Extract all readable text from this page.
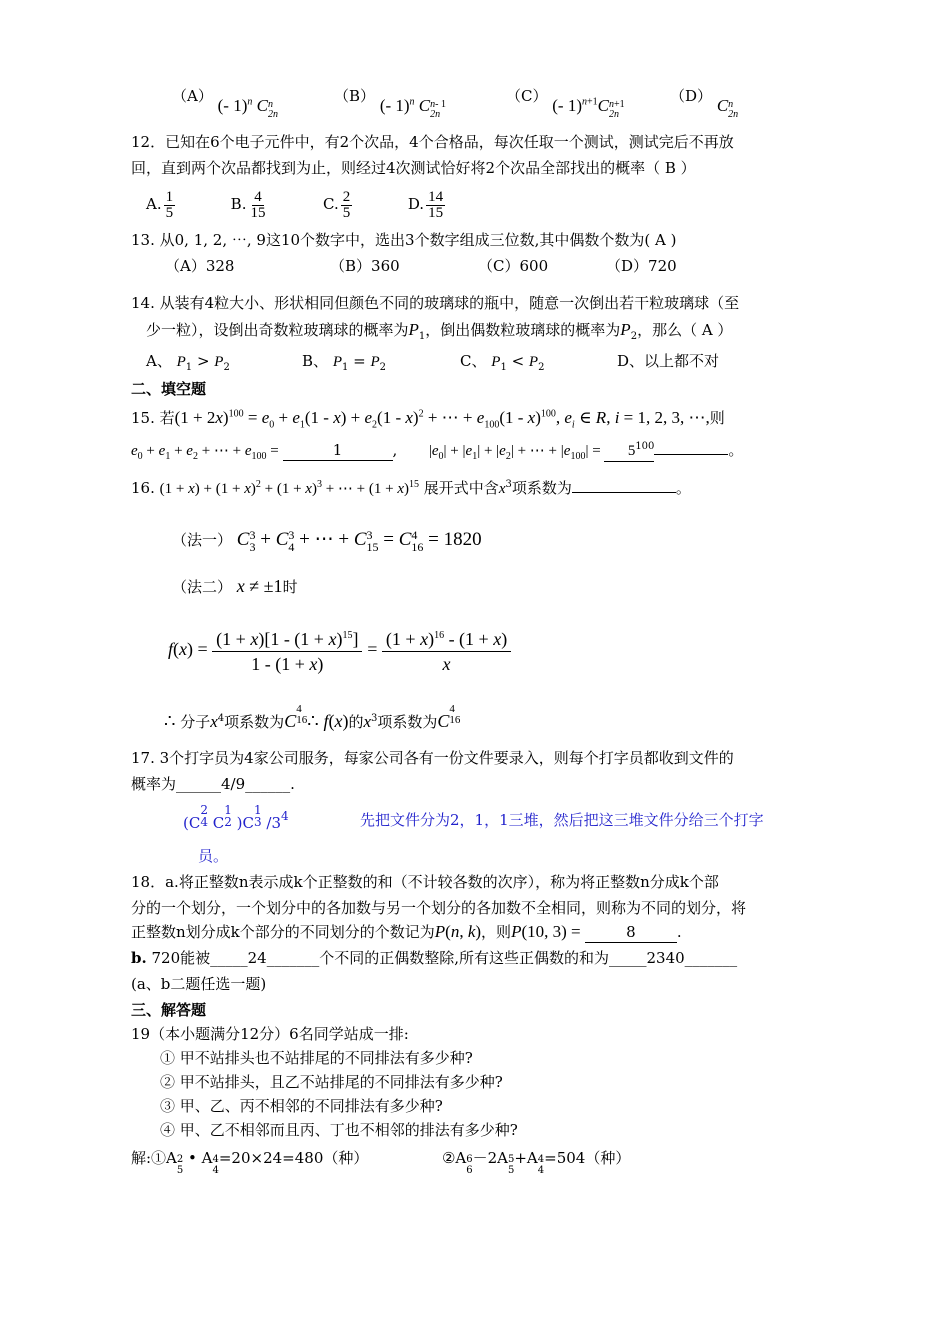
（A） (- 1)$^n$ Cn
2n
（B） (- 1)$^n$ Cn- 1
2n
（C） (- 1)$^{n+1}$Cn+1
2n
（D） Cn
2n
12．已知在6个电子元件中，有2个次品，4个合格品，每次任取一个测试，测试完后不再放
回，直到两个次品都找到为止，则经过4次测试恰好将2个次品全部找出的概率（ B ）
A. $\frac{1}{5}$	B. $\frac{4}{15}$	C. $\frac{2}{5}$	D. $\frac{14}{15}$
13. 从0, 1, 2, ⋯, 9这10个数字中，选出3个数字组成三位数,其中偶数个数为( A )
（A）328	（B）360	（C）600	（D）720
14. 从装有4粒大小、形状相同但颜色不同的玻璃球的瓶中，随意一次倒出若干粒玻璃球（至
少一粒），设倒出奇数粒玻璃球的概率为$P_1$，倒出偶数粒玻璃球的概率为$P_2$，那么（ A ）
A、 $P_1 > P_2$	B、 $P_1 = P_2$	C、 $P_1 < P_2$	D、以上都不对
二、填空题
15. 若$(1 + 2x)^{100} = e_0 + e_1(1 - x) + e_2(1 - x)^2$ + ⋯ + $e_{100}(1 - x)^{100}$, $e_i$ ∈ R, i = 1, 2, 3, ⋯,则
$e_0 + e_1 + e_2$ + ⋯ + $e_{100}$ =	1	, $|e_0| + |e_1| + |e_2|$ + ⋯ + $|e_{100}| = 5^{100}$	。
16. $(1 + x) + (1 + x)^2 + (1 + x)^3$ + ⋯ + $(1 + x)^{15}$ 展开式中含$x^3$项系数为	。
（法一） C3
3 + C3
4 + ⋯ + C3
15 = C4
16 = 1820
（法二） x ≠ ±1时
$f(x) = \frac{(1 + x)[1 - (1 + x)^{15}]}{1 - (1 + x)} = \frac{(1 + x)^{16} - (1 + x)}{x}$
∴ 分子$x^4$项系数为C4
16∴ f(x)的$x^3$项系数为C4
16
17. 3个打字员为4家公司服务，每家公司各有一份文件要录入，则每个打字员都收到文件的
概率为______4/9______.
(C2
4 C1
2 )C1
3 /34	先把文件分为2，1，1三堆，然后把这三堆文件分给三个打字
员。
18．a.将正整数n表示成k个正整数的和（不计较各数的次序），称为将正整数n分成k个部
分的一个划分，一个划分中的各加数与另一个划分的各加数不全相同，则称为不同的划分，将
正整数n划分成k个部分的不同划分的个数记为P(n, k)，则P(10, 3) =	8	.
b. 720能被_____24_______个不同的正偶数整除,所有这些正偶数的和为_____2340_______
(a、b二题任选一题)
三、解答题
19（本小题满分12分）6名同学站成一排:
① 甲不站排头也不站排尾的不同排法有多少种?
② 甲不站排头，且乙不站排尾的不同排法有多少种?
③ 甲、乙、丙不相邻的不同排法有多少种?
④ 甲、乙不相邻而且丙、丁也不相邻的排法有多少种?
解:①A2
5 • A4
4=20×24=480（种）	②A6
6－2A5
5+A4
4=504（种）
